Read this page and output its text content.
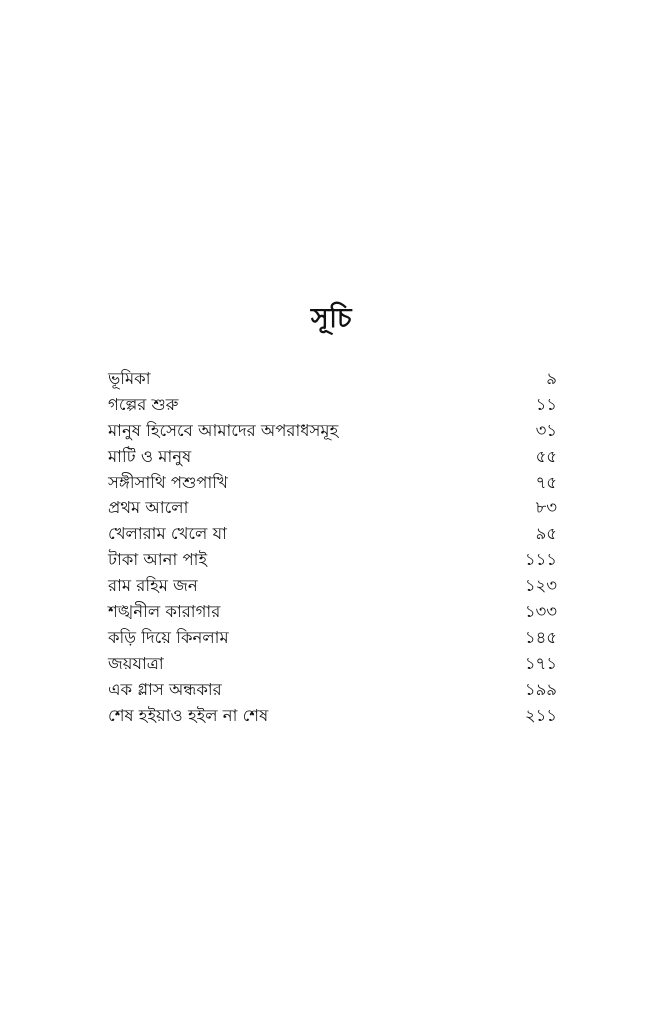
সূচি
ভূমিকা	৯
গল্পের শুরু	১১
মানুষ হিসেবে আমাদের অপরাধসমূহ	৩১
মাটি ও মানুষ	৫৫
সঙ্গীসাথি পশুপাখি	৭৫
প্রথম আলো	৮৩
খেলারাম খেলে যা	৯৫
টাকা আনা পাই	১১১
রাম রহিম জন	১২৩
শঙ্খনীল কারাগার	১৩৩
কড়ি দিয়ে কিনলাম	১৪৫
জয়যাত্রা	১৭১
এক গ্লাস অন্ধকার	১৯৯
শেষ হইয়াও হইল না শেষ	২১১
